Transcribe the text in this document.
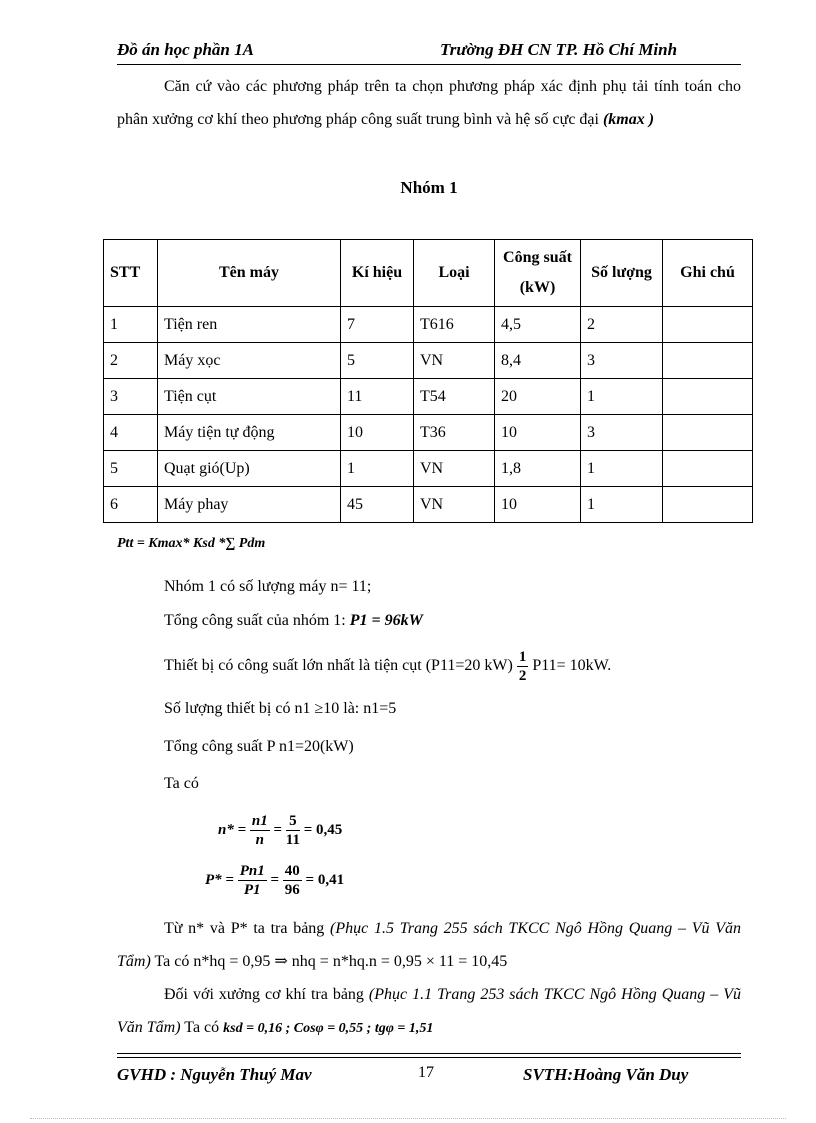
Đồ án học phần 1A	Trường ĐH CN TP. Hồ Chí Minh
Căn cứ vào các phương pháp trên ta chọn phương pháp xác định phụ tải tính toán cho phân xưởng cơ khí theo phương pháp công suất trung bình và hệ số cực đại (kmax )
Nhóm 1
STT	Tên máy	Kí hiệu	Loại	Công suất (kW)	Số lượng	Ghi chú
1	Tiện ren	7	T616	4,5	2	
2	Máy xọc	5	VN	8,4	3	
3	Tiện cụt	11	T54	20	1	
4	Máy tiện tự động	10	T36	10	3	
5	Quạt gió(Up)	1	VN	1,8	1	
6	Máy phay	45	VN	10	1	
Ptt = Kmax* Ksd *∑ Pdm
Nhóm 1 có số lượng máy n= 11;
Tổng công suất của nhóm 1: P1 = 96kW
Thiết bị có công suất lớn nhất là tiện cụt (P11=20 $kW) \frac{1}{2} P11= 10kW$.
Số lượng thiết bị có n1 ≥10 là: n1=5
Tổng công suất P n1=20(kW)
Ta có
$n* = \frac{n1}{n} = \frac{5}{11} = 0,45$
$P* = \frac{Pn1}{P1} = \frac{40}{96} = 0,41$
Từ n* và P* ta tra bảng (Phục 1.5 Trang 255 sách TKCC Ngô Hồng Quang – Vũ Văn Tẩm) Ta có n*hq = 0,95 ⇒ nhq = n*hq.n = 0,95 × 11 = 10,45
Đối với xưởng cơ khí tra bảng (Phục 1.1 Trang 253 sách TKCC Ngô Hồng Quang – Vũ Văn Tẩm) Ta có ksd = 0,16 ; Cosφ = 0,55 ; tgφ = 1,51
GVHD : Nguyễn Thuý Mav	17	SVTH:Hoàng Văn Duy
